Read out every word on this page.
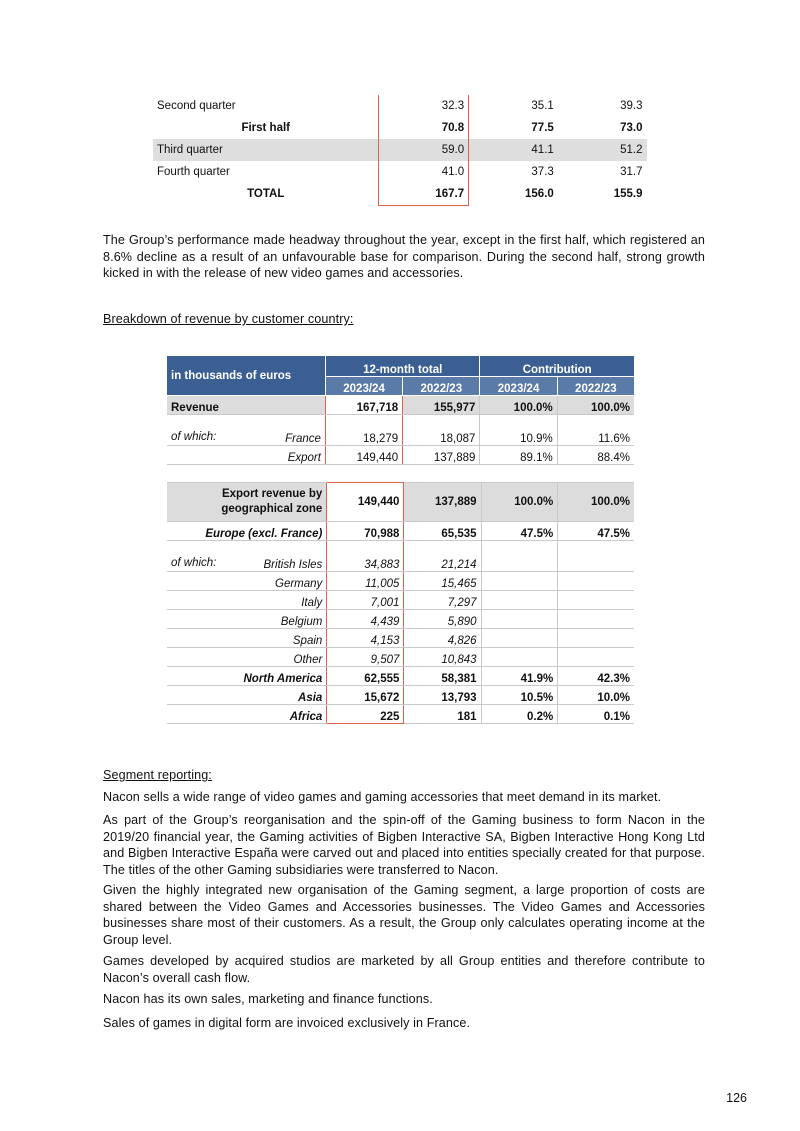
Second quarter	32.3	35.1	39.3
First half	70.8	77.5	73.0
Third quarter	59.0	41.1	51.2
Fourth quarter	41.0	37.3	31.7
TOTAL	167.7	156.0	155.9

The Group’s performance made headway throughout the year, except in the first half, which registered an 8.6% decline as a result of an unfavourable base for comparison. During the second half, strong growth kicked in with the release of new video games and accessories.

Breakdown of revenue by customer country:

in thousands of euros		12-month total		Contribution	
		2023/24	2022/23	2023/24	2022/23
Revenue		167,718	155,977	100.0%	100.0%
of which:	France	18,279	18,087	10.9%	11.6%
	Export	149,440	137,889	89.1%	88.4%
Export revenue by geographical zone		149,440	137,889	100.0%	100.0%
Europe (excl. France)		70,988	65,535	47.5%	47.5%
of which:	British Isles	34,883	21,214		
	Germany	11,005	15,465		
	Italy	7,001	7,297		
	Belgium	4,439	5,890		
	Spain	4,153	4,826		
	Other	9,507	10,843		
North America		62,555	58,381	41.9%	42.3%
Asia		15,672	13,793	10.5%	10.0%
Africa		225	181	0.2%	0.1%

Segment reporting:

Nacon sells a wide range of video games and gaming accessories that meet demand in its market.

As part of the Group’s reorganisation and the spin-off of the Gaming business to form Nacon in the 2019/20 financial year, the Gaming activities of Bigben Interactive SA, Bigben Interactive Hong Kong Ltd and Bigben Interactive España were carved out and placed into entities specially created for that purpose. The titles of the other Gaming subsidiaries were transferred to Nacon.

Given the highly integrated new organisation of the Gaming segment, a large proportion of costs are shared between the Video Games and Accessories businesses. The Video Games and Accessories businesses share most of their customers. As a result, the Group only calculates operating income at the Group level.

Games developed by acquired studios are marketed by all Group entities and therefore contribute to Nacon’s overall cash flow.

Nacon has its own sales, marketing and finance functions.

Sales of games in digital form are invoiced exclusively in France.

126
